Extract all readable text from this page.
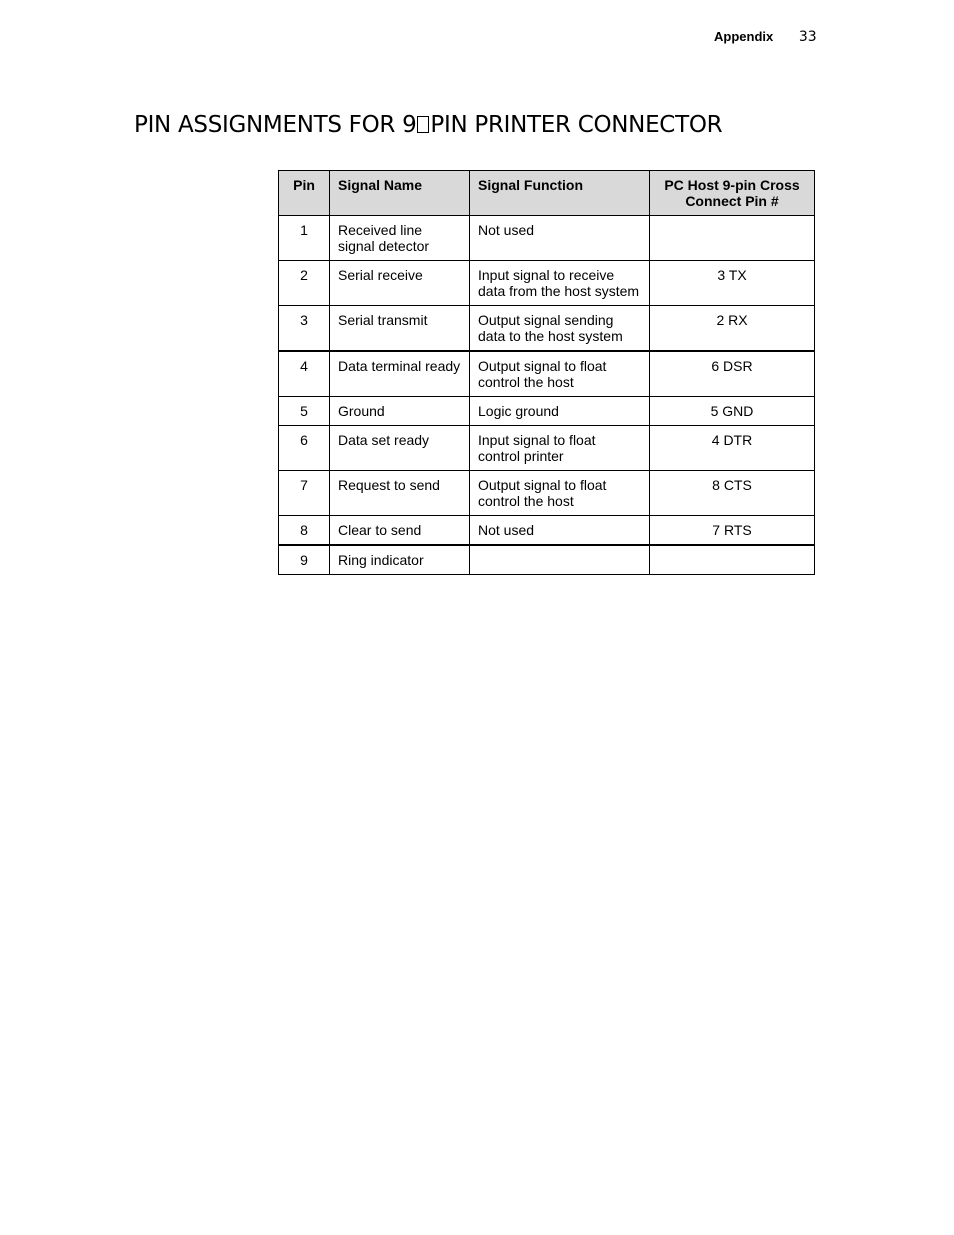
Appendix 33
PIN ASSIGNMENTS FOR 9 PIN PRINTER CONNECTOR
Pin	Signal Name	Signal Function	PC Host 9-pin Cross Connect Pin #
1	Received line signal detector	Not used	
2	Serial receive	Input signal to receive data from the host system	3 TX
3	Serial transmit	Output signal sending data to the host system	2 RX
4	Data terminal ready	Output signal to float control the host	6 DSR
5	Ground	Logic ground	5 GND
6	Data set ready	Input signal to float control printer	4 DTR
7	Request to send	Output signal to float control the host	8 CTS
8	Clear to send	Not used	7 RTS
9	Ring indicator		
